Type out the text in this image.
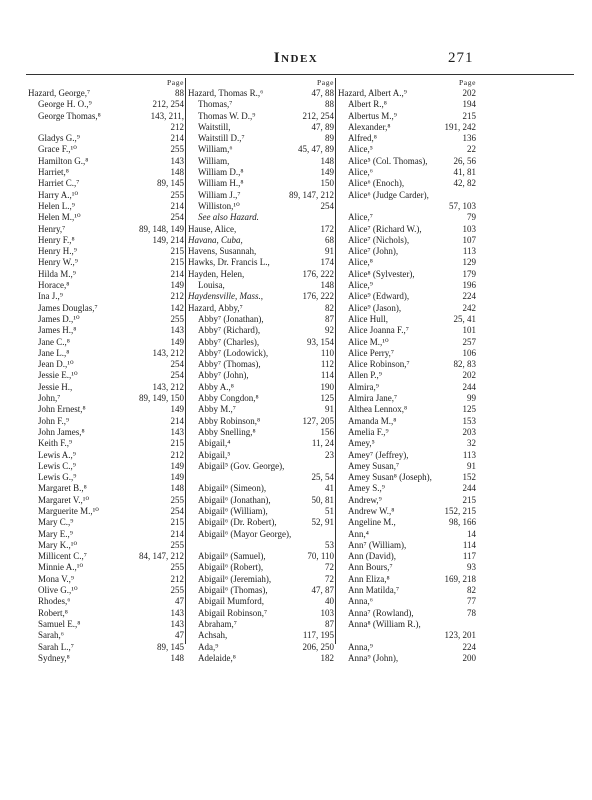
Index	271
Page
Hazard, George,⁷	88
George H. O.,⁹	212, 254
George Thomas,⁸	143, 211,
212
Gladys G.,⁹	214
Grace F.,¹⁰	255
Hamilton G.,⁸	143
Harriet,⁸	148
Harriet C.,⁷	89, 145
Harry A.,¹⁰	255
Helen L.,⁹	214
Helen M.,¹⁰	254
Henry,⁷	89, 148, 149
Henry F.,⁸	149, 214
Henry H.,⁹	215
Henry W.,⁹	215
Hilda M.,⁹	214
Horace,⁸	149
Ina J.,⁹	212
James Douglas,⁷	142
James D.,¹⁰	255
James H.,⁸	143
Jane C.,⁸	149
Jane L.,⁸	143, 212
Jean D.,¹⁰	254
Jessie E.,¹⁰	254
Jessie H.,	143, 212
John,⁷	89, 149, 150
John Ernest,⁸	149
John F.,⁹	214
John James,⁸	143
Keith F.,⁹	215
Lewis A.,⁹	212
Lewis C.,⁹	149
Lewis G.,⁹	149
Margaret B.,⁸	148
Margaret V.,¹⁰	255
Marguerite M.,¹⁰	254
Mary C.,⁹	215
Mary E.,⁹	214
Mary K.,¹⁰	255
Millicent C.,⁷	84, 147, 212
Minnie A.,¹⁰	255
Mona V.,⁹	212
Olive G.,¹⁰	255
Rhodes,⁶	47
Robert,⁸	143
Samuel E.,⁸	143
Sarah,⁶	47
Sarah L.,⁷	89, 145
Sydney,⁸	148
Page
Hazard, Thomas R.,⁶	47, 88
Thomas,⁷	88
Thomas W. D.,⁹	212, 254
Waitstill,	47, 89
Waitstill D.,⁷	89
William,⁶	45, 47, 89
William,	148
William D.,⁸	149
William H.,⁸	150
William J.,⁷	89, 147, 212
Williston,¹⁰	254
See also Hazard.
Hause, Alice,	172
Havana, Cuba,	68
Havens, Susannah,	91
Hawks, Dr. Francis L.,	174
Hayden, Helen,	176, 222
Louisa,	148
Haydensville, Mass.,	176, 222
Hazard, Abby,⁷	82
Abby⁷ (Jonathan),	87
Abby⁷ (Richard),	92
Abby⁷ (Charles),	93, 154
Abby⁷ (Lodowick),	110
Abby⁷ (Thomas),	112
Abby⁷ (John),	114
Abby A.,⁸	190
Abby Congdon,⁸	125
Abby M.,⁷	91
Abby Robinson,⁸	127, 205
Abby Snelling,⁸	156
Abigail,⁴	11, 24
Abigail,⁵	23
Abigail⁵ (Gov. George),
25, 54
Abigail⁶ (Simeon),	41
Abigail⁶ (Jonathan),	50, 81
Abigail⁶ (William),	51
Abigail⁶ (Dr. Robert),	52, 91
Abigail⁶ (Mayor George),
53
Abigail⁶ (Samuel),	70, 110
Abigail⁶ (Robert),	72
Abigail⁶ (Jeremiah),	72
Abigail⁶ (Thomas),	47, 87
Abigail Mumford,	40
Abigail Robinson,⁷	103
Abraham,⁷	87
Achsah,	117, 195
Ada,⁹	206, 250
Adelaide,⁸	182
Page
Hazard, Albert A.,⁹	202
Albert R.,⁸	194
Albertus M.,⁹	215
Alexander,⁸	191, 242
Alfred,⁸	136
Alice,⁵	22
Alice⁵ (Col. Thomas),	26, 56
Alice,⁶	41, 81
Alice⁶ (Enoch),	42, 82
Alice⁶ (Judge Carder),
57, 103
Alice,⁷	79
Alice⁷ (Richard W.),	103
Alice⁷ (Nichols),	107
Alice⁷ (John),	113
Alice,⁸	129
Alice⁸ (Sylvester),	179
Alice,⁹	196
Alice⁹ (Edward),	224
Alice⁹ (Jason),	242
Alice Hull,	25, 41
Alice Joanna F.,⁷	101
Alice M.,¹⁰	257
Alice Perry,⁷	106
Alice Robinson,⁷	82, 83
Allen P.,⁹	202
Almira,⁹	244
Almira Jane,⁷	99
Althea Lennox,⁸	125
Amanda M.,⁸	153
Amelia F.,⁹	203
Amey,⁵	32
Amey⁷ (Jeffrey),	113
Amey Susan,⁷	91
Amey Susan⁸ (Joseph),	152
Amey S.,⁹	244
Andrew,⁹	215
Andrew W.,⁸	152, 215
Angeline M.,	98, 166
Ann,⁴	14
Ann⁷ (William),	114
Ann (David),	117
Ann Bours,⁷	93
Ann Eliza,⁸	169, 218
Ann Matilda,⁷	82
Anna,⁶	77
Anna⁷ (Rowland),	78
Anna⁸ (William R.),
123, 201
Anna,⁹	224
Anna⁹ (John),	200
